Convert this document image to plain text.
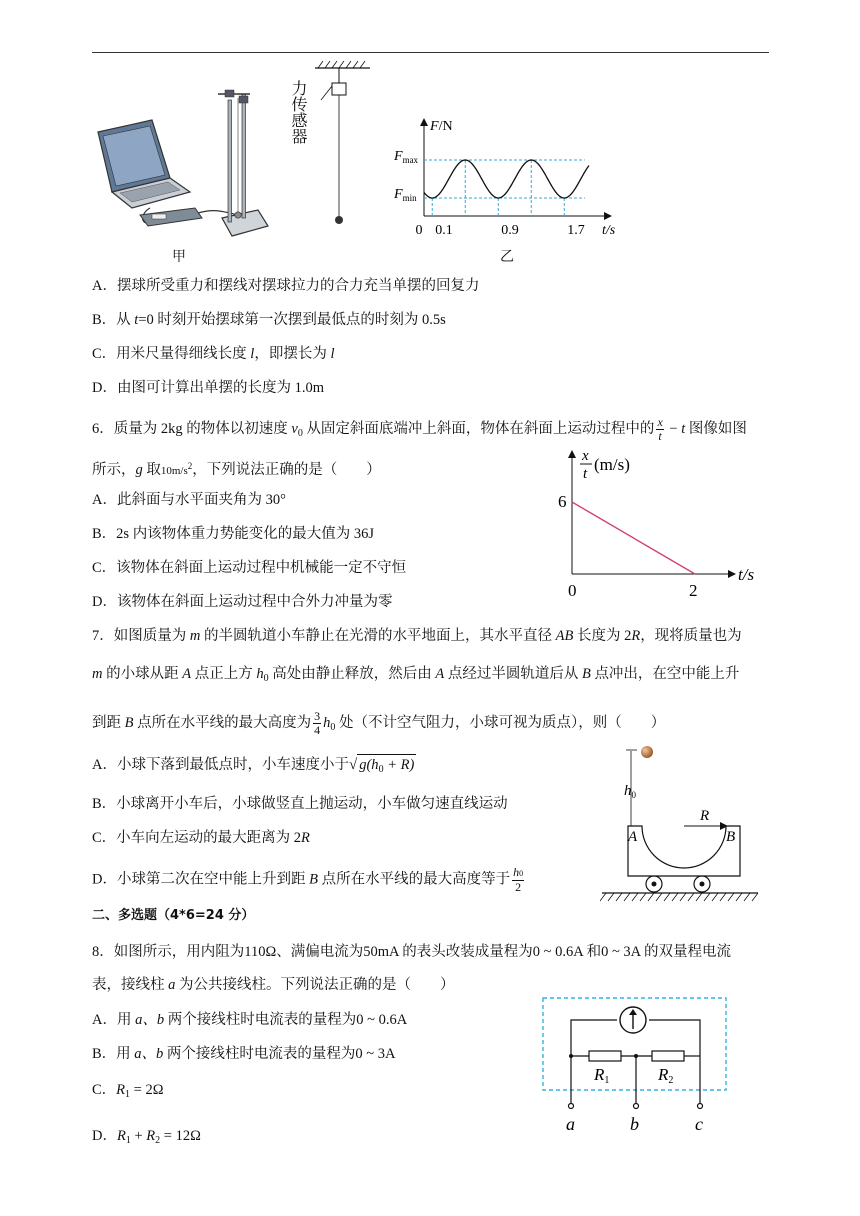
力传感器	F/N
$F_{max}$
$F_{min}$
0 0.1	0.9	1.7 t/s
甲	乙
A．摆球所受重力和摆线对摆球拉力的合力充当单摆的回复力
B．从 t=0 时刻开始摆球第一次摆到最低点的时刻为 0.5s
C．用米尺量得细线长度 l，即摆长为 l
D．由图可计算出单摆的长度为 1.0m
6．质量为 2kg 的物体以初速度 $v_0$ 从固定斜面底端冲上斜面，物体在斜面上运动过程中的 $\frac{x}{t} - t$ 图像如图
所示，g 取$10m/s^2$，下列说法正确的是（　　）
A．此斜面与水平面夹角为 30°
B．2s 内该物体重力势能变化的最大值为 36J
C．该物体在斜面上运动过程中机械能一定不守恒
D．该物体在斜面上运动过程中合外力冲量为零
x
t (m/s)
6
0	2
t/s
7．如图质量为 m 的半圆轨道小车静止在光滑的水平地面上，其水平直径 AB 长度为 2R，现将质量也为
m 的小球从距 A 点正上方 $h_0$ 高处由静止释放，然后由 A 点经过半圆轨道后从 B 点冲出，在空中能上升
到距 B 点所在水平线的最大高度为 $\frac{3}{4} h_0$ 处（不计空气阻力，小球可视为质点），则（　　）
A．小球下落到最低点时，小车速度小于√ $g(h_0 + R)$
B．小球离开小车后，小球做竖直上抛运动，小车做匀速直线运动
C．小车向左运动的最大距离为 2R
D．小球第二次在空中能上升到距 B 点所在水平线的最大高度等于 $\frac{h0}{2}$
$h_0$
A	B
R
二、多选题（4*6=24 分）
8．如图所示，用内阻为110Ω、满偏电流为50mA 的表头改装成量程为0 ~ 0.6A 和0 ~ 3A 的双量程电流
表，接线柱 a 为公共接线柱。下列说法正确的是（　　）
A．用 a、b 两个接线柱时电流表的量程为0 ~ 0.6A
B．用 a、b 两个接线柱时电流表的量程为0 ~ 3A
C．$R_1 = 2\Omega$
D．$R_1 + R_2 = 12\Omega$
R1	R2
a	b	c
